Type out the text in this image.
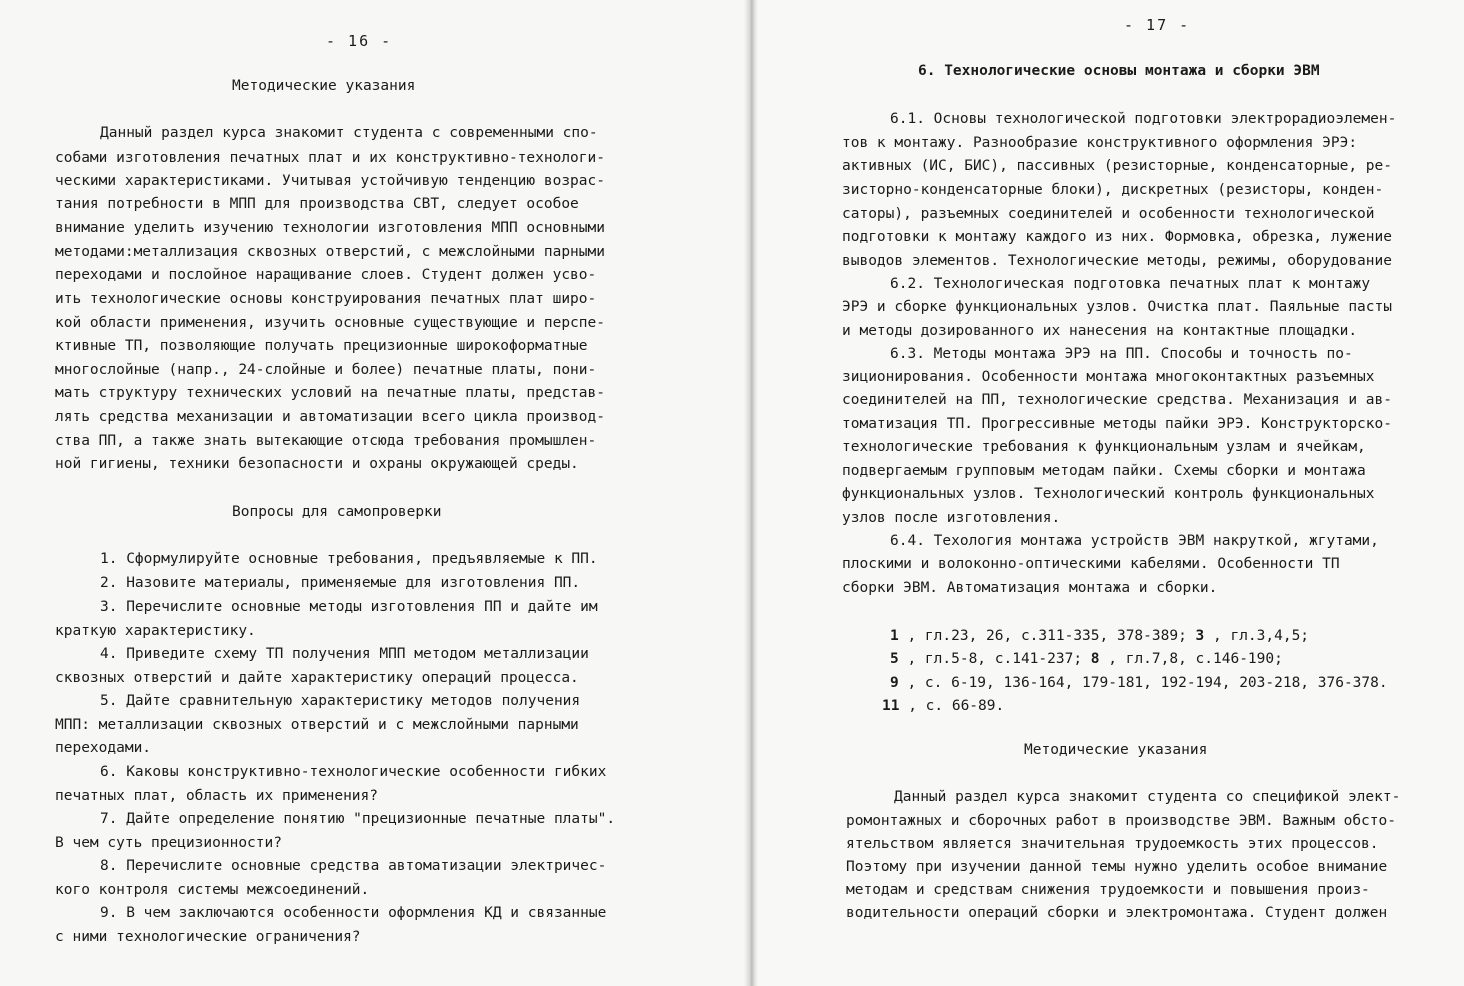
- 16 -
Методические указания
Данный раздел курса знакомит студента с современными спо-
собами изготовления печатных плат и их конструктивно-технологи-
ческими характеристиками. Учитывая устойчивую тенденцию возрас-
тания потребности в МПП для производства СВТ, следует особое
внимание уделить изучению технологии изготовления МПП основными
методами:металлизация сквозных отверстий, с межслойными парными
переходами и послойное наращивание слоев. Студент должен усво-
ить технологические основы конструирования печатных плат широ-
кой области применения, изучить основные существующие и перспе-
ктивные ТП, позволяющие получать прецизионные широкоформатные
многослойные (напр., 24-слойные и более) печатные платы, пони-
мать структуру технических условий на печатные платы, представ-
лять средства механизации и автоматизации всего цикла производ-
ства ПП, а также знать вытекающие отсюда требования промышлен-
ной гигиены, техники безопасности и охраны окружающей среды.
Вопросы для самопроверки
1. Сформулируйте основные требования, предъявляемые к ПП.
2. Назовите материалы, применяемые для изготовления ПП.
3. Перечислите основные методы изготовления ПП и дайте им
краткую характеристику.
4. Приведите схему ТП получения МПП методом металлизации
сквозных отверстий и дайте характеристику операций процесса.
5. Дайте сравнительную характеристику методов получения
МПП: металлизации сквозных отверстий и с межслойными парными
переходами.
6. Каковы конструктивно-технологические особенности гибких
печатных плат, область их применения?
7. Дайте определение понятию "прецизионные печатные платы".
В чем суть прецизионности?
8. Перечислите основные средства автоматизации электричес-
кого контроля системы межсоединений.
9. В чем заключаются особенности оформления КД и связанные
с ними технологические ограничения?
- 17 -
6. Технологические основы монтажа и сборки ЭВМ
6.1. Основы технологической подготовки электрорадиоэлемен-
тов к монтажу. Разнообразие конструктивного оформления ЭРЭ:
активных (ИС, БИС), пассивных (резисторные, конденсаторные, ре-
зисторно-конденсаторные блоки), дискретных (резисторы, конден-
саторы), разъемных соединителей и особенности технологической
подготовки к монтажу каждого из них. Формовка, обрезка, лужение
выводов элементов. Технологические методы, режимы, оборудование
6.2. Технологическая подготовка печатных плат к монтажу
ЭРЭ и сборке функциональных узлов. Очистка плат. Паяльные пасты
и методы дозированного их нанесения на контактные площадки.
6.3. Методы монтажа ЭРЭ на ПП. Способы и точность по-
зиционирования. Особенности монтажа многоконтактных разъемных
соединителей на ПП, технологические средства. Механизация и ав-
томатизация ТП. Прогрессивные методы пайки ЭРЭ. Конструкторско-
технологические требования к функциональным узлам и ячейкам,
подвергаемым групповым методам пайки. Схемы сборки и монтажа
функциональных узлов. Технологический контроль функциональных
узлов после изготовления.
6.4. Техология монтажа устройств ЭВМ накруткой, жгутами,
плоскими и волоконно-оптическими кабелями. Особенности ТП
сборки ЭВМ. Автоматизация монтажа и сборки.
1 , гл.23, 26, с.311-335, 378-389; 3 , гл.3,4,5;
5 , гл.5-8, с.141-237; 8 , гл.7,8, с.146-190;
9 , с. 6-19, 136-164, 179-181, 192-194, 203-218, 376-378.
11 , с. 66-89.
Методические указания
Данный раздел курса знакомит студента со спецификой элект-
ромонтажных и сборочных работ в производстве ЭВМ. Важным обсто-
ятельством является значительная трудоемкость этих процессов.
Поэтому при изучении данной темы нужно уделить особое внимание
методам и средствам снижения трудоемкости и повышения произ-
водительности операций сборки и электромонтажа. Студент должен
